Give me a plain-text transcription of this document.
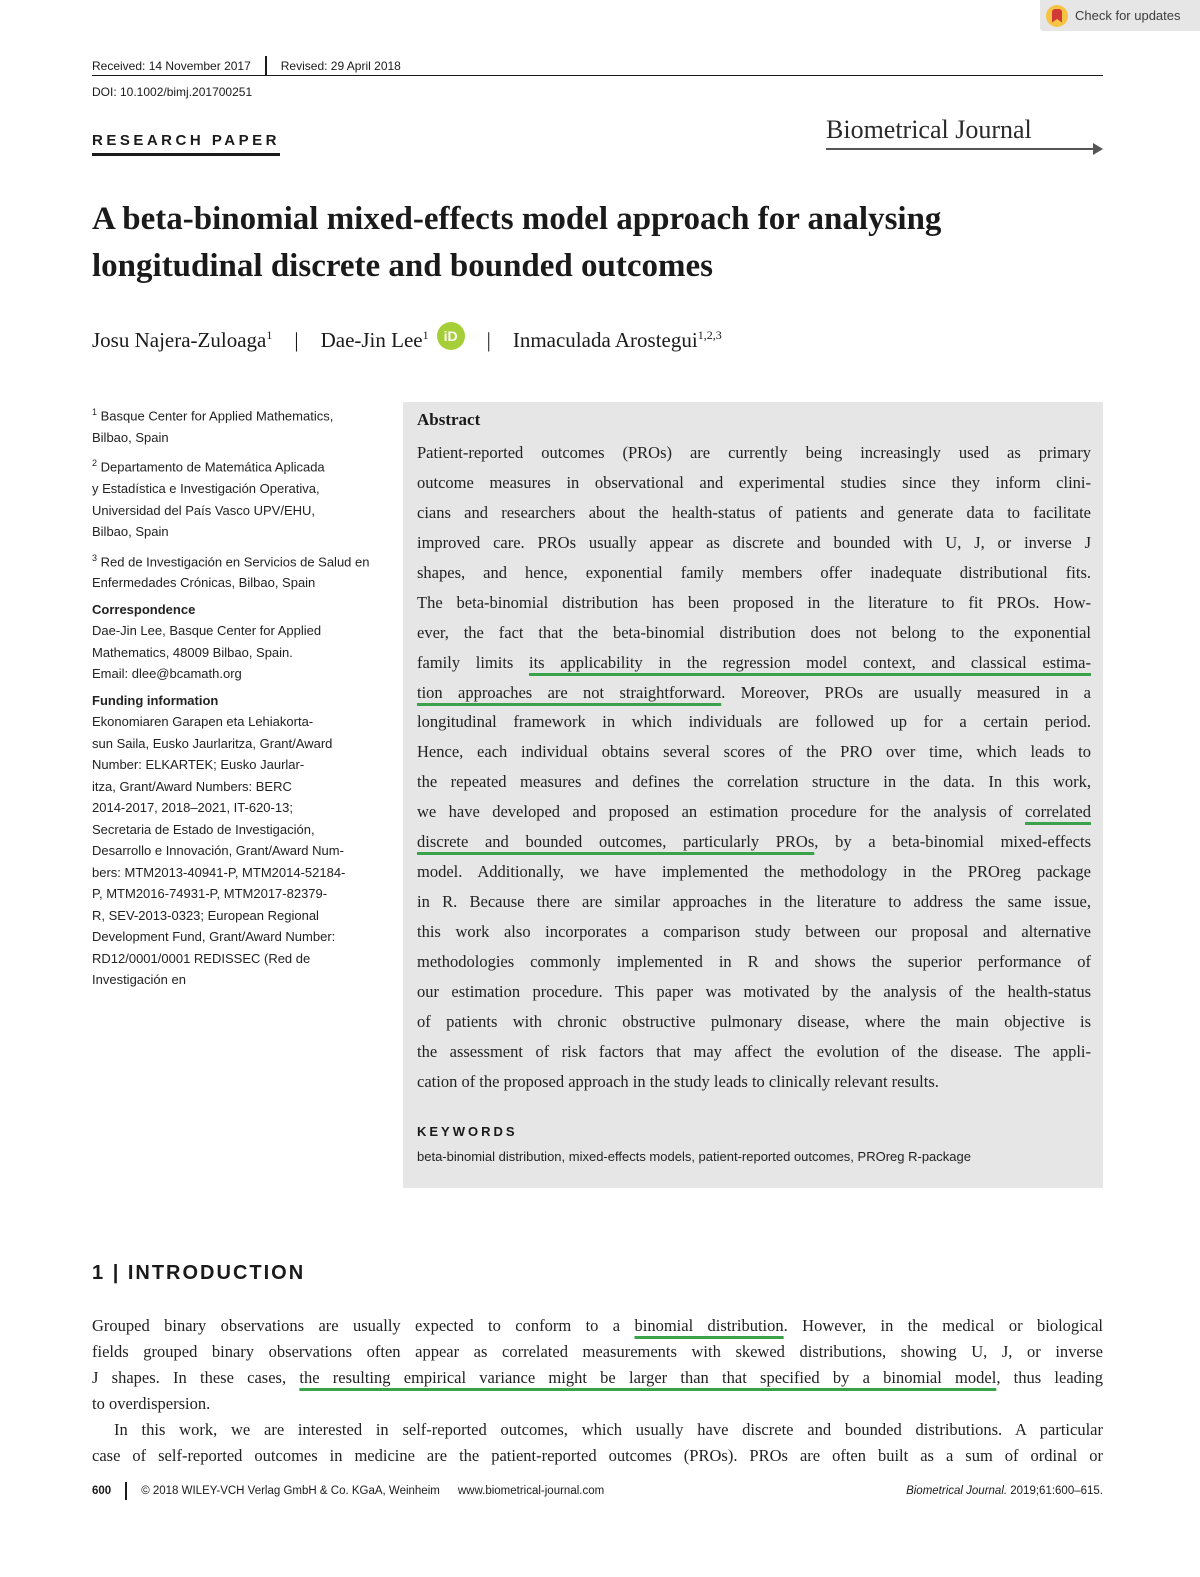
Check for updates
Received: 14 November 2017	Revised: 29 April 2018
DOI: 10.1002/bimj.201700251
RESEARCH PAPER	Biometrical Journal
A beta-binomial mixed-effects model approach for analysing longitudinal discrete and bounded outcomes
Josu Najera-Zuloaga$^1$ | Dae-Jin Lee$^1$	iD	| Inmaculada Arostegui$^{1,2,3}$
$^1$ Basque Center for Applied Mathematics,
Bilbao, Spain
$^2$ Departamento de Matemática Aplicada
y Estadística e Investigación Operativa,
Universidad del País Vasco UPV/EHU,
Bilbao, Spain
$^3$ Red de Investigación en Servicios de Salud en
Enfermedades Crónicas, Bilbao, Spain
Correspondence
Dae-Jin Lee, Basque Center for Applied
Mathematics, 48009 Bilbao, Spain.
Email: dlee@bcamath.org
Funding information
Ekonomiaren Garapen eta Lehiakorta-
sun Saila, Eusko Jaurlaritza, Grant/Award
Number: ELKARTEK; Eusko Jaurlar-
itza, Grant/Award Numbers: BERC
2014-2017, 2018–2021, IT-620-13;
Secretaria de Estado de Investigación,
Desarrollo e Innovación, Grant/Award Num-
bers: MTM2013-40941-P, MTM2014-52184-
P, MTM2016-74931-P, MTM2017-82379-
R, SEV-2013-0323; European Regional
Development Fund, Grant/Award Number:
RD12/0001/0001 REDISSEC (Red de
Investigación en
Abstract
Patient-reported outcomes (PROs) are currently being increasingly used as primary
outcome measures in observational and experimental studies since they inform clini-
cians and researchers about the health-status of patients and generate data to facilitate
improved care. PROs usually appear as discrete and bounded with U, J, or inverse J
shapes, and hence, exponential family members offer inadequate distributional fits.
The beta-binomial distribution has been proposed in the literature to fit PROs. How-
ever, the fact that the beta-binomial distribution does not belong to the exponential
family limits its applicability in the regression model context, and classical estima-
tion approaches are not straightforward. Moreover, PROs are usually measured in a
longitudinal framework in which individuals are followed up for a certain period.
Hence, each individual obtains several scores of the PRO over time, which leads to
the repeated measures and defines the correlation structure in the data. In this work,
we have developed and proposed an estimation procedure for the analysis of correlated
discrete and bounded outcomes, particularly PROs, by a beta-binomial mixed-effects
model. Additionally, we have implemented the methodology in the PROreg package
in R. Because there are similar approaches in the literature to address the same issue,
this work also incorporates a comparison study between our proposal and alternative
methodologies commonly implemented in R and shows the superior performance of
our estimation procedure. This paper was motivated by the analysis of the health-status
of patients with chronic obstructive pulmonary disease, where the main objective is
the assessment of risk factors that may affect the evolution of the disease. The appli-
cation of the proposed approach in the study leads to clinically relevant results.
KEYWORDS
beta-binomial distribution, mixed-effects models, patient-reported outcomes, PROreg R-package
1 | INTRODUCTION
Grouped binary observations are usually expected to conform to a binomial distribution. However, in the medical or biological
fields grouped binary observations often appear as correlated measurements with skewed distributions, showing U, J, or inverse
J shapes. In these cases, the resulting empirical variance might be larger than that specified by a binomial model, thus leading
to overdispersion.
In this work, we are interested in self-reported outcomes, which usually have discrete and bounded distributions. A particular
case of self-reported outcomes in medicine are the patient-reported outcomes (PROs). PROs are often built as a sum of ordinal or
600	© 2018 WILEY-VCH Verlag GmbH & Co. KGaA, Weinheim www.biometrical-journal.com	Biometrical Journal. 2019;61:600–615.
